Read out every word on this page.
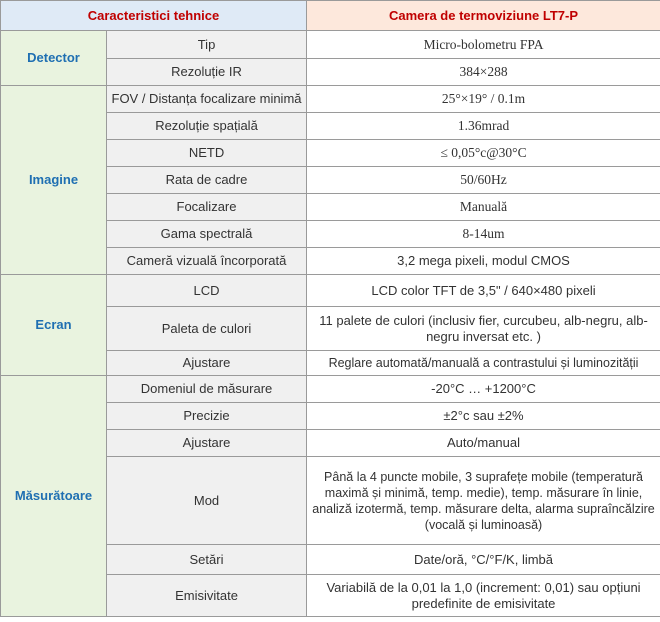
Caracteristici tehnice		Camera de termoviziune LT7-P
Detector	Tip	Micro-bolometru FPA
	Rezoluție IR	384×288
Imagine	FOV / Distanța focalizare minimă	25°×19° / 0.1m
	Rezoluție spațială	1.36mrad
	NETD	≤ 0,05°c@30°C
	Rata de cadre	50/60Hz
	Focalizare	Manuală
	Gama spectrală	8-14um
	Cameră vizuală încorporată	3,2 mega pixeli, modul CMOS
Ecran	LCD	LCD color TFT de 3,5" / 640×480 pixeli
	Paleta de culori	11 palete de culori (inclusiv fier, curcubeu, alb-negru, alb-negru inversat etc. )
	Ajustare	Reglare automată/manuală a contrastului și luminozității
Măsurătoare	Domeniul de măsurare	-20°C … +1200°C
	Precizie	±2°c sau ±2%
	Ajustare	Auto/manual
	Mod	Până la 4 puncte mobile, 3 suprafețe mobile (temperatură maximă și minimă, temp. medie), temp. măsurare în linie, analiză izotermă, temp. măsurare delta, alarma supraîncălzire (vocală și luminoasă)
	Setări	Date/oră, °C/°F/K, limbă
	Emisivitate	Variabilă de la 0,01 la 1,0 (increment: 0,01) sau opțiuni predefinite de emisivitate
